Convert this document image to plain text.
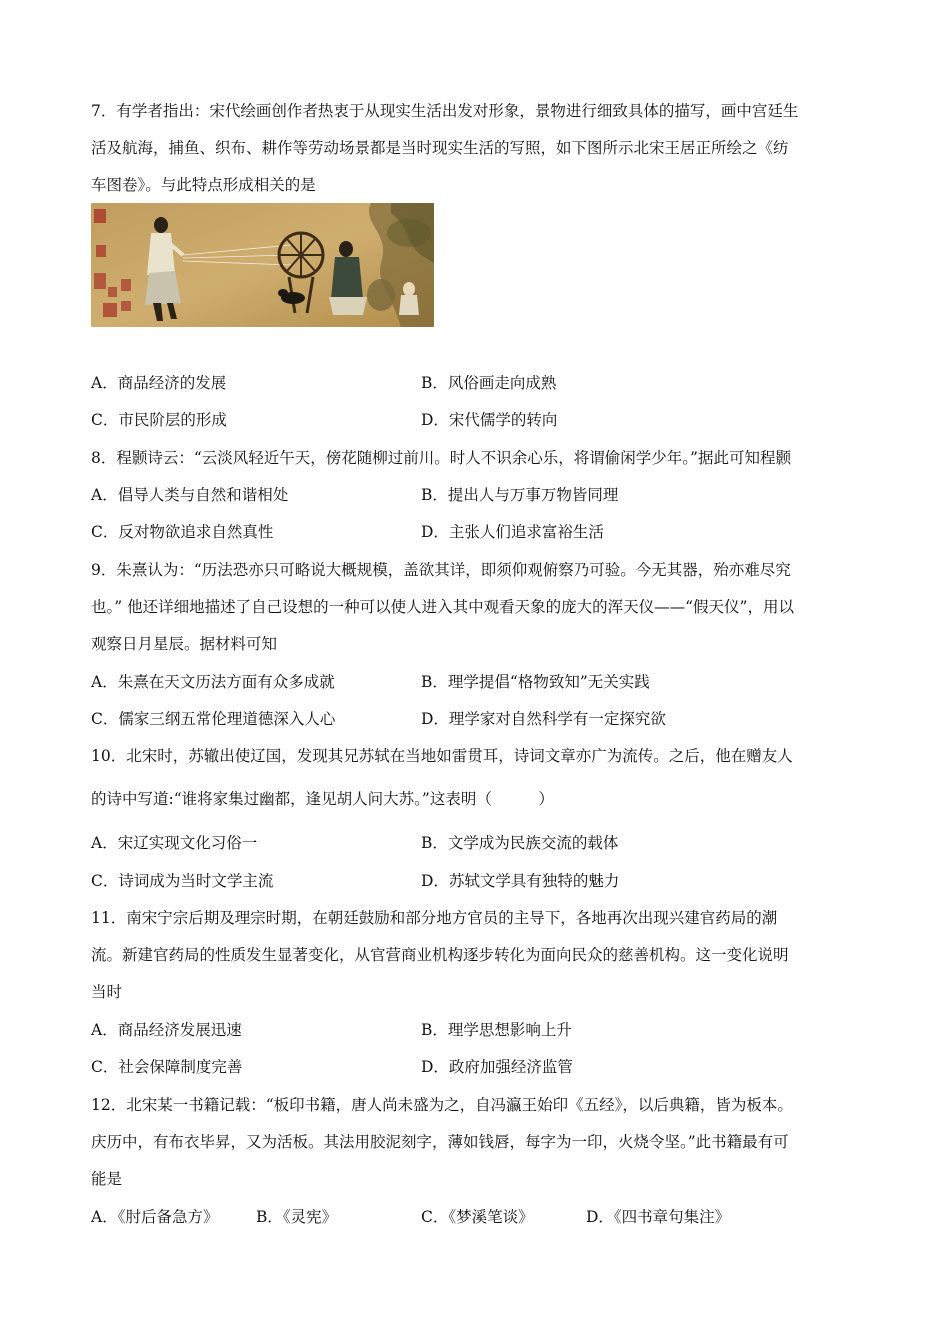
7．有学者指出：宋代绘画创作者热衷于从现实生活出发对形象，景物进行细致具体的描写，画中宫廷生
活及航海，捕鱼、织布、耕作等劳动场景都是当时现实生活的写照，如下图所示北宋王居正所绘之《纺
车图卷》。与此特点形成相关的是
A．商品经济的发展	B．风俗画走向成熟
C．市民阶层的形成	D．宋代儒学的转向
8．程颢诗云：“云淡风轻近午天，傍花随柳过前川。时人不识余心乐，将谓偷闲学少年。”据此可知程颢
A．倡导人类与自然和谐相处	B．提出人与万事万物皆同理
C．反对物欲追求自然真性	D．主张人们追求富裕生活
9．朱熹认为：“历法恐亦只可略说大概规模，盖欲其详，即须仰观俯察乃可验。今无其器，殆亦难尽究
也。” 他还详细地描述了自己设想的一种可以使人进入其中观看天象的庞大的浑天仪——“假天仪”，用以
观察日月星辰。据材料可知
A．朱熹在天文历法方面有众多成就	B．理学提倡“格物致知”无关实践
C．儒家三纲五常伦理道德深入人心	D．理学家对自然科学有一定探究欲
10．北宋时，苏辙出使辽国，发现其兄苏轼在当地如雷贯耳，诗词文章亦广为流传。之后，他在赠友人
的诗中写道:“谁将家集过幽都，逢见胡人问大苏。”这表明（　　　）
A．宋辽实现文化习俗一	B．文学成为民族交流的载体
C．诗词成为当时文学主流	D．苏轼文学具有独特的魅力
11．南宋宁宗后期及理宗时期，在朝廷鼓励和部分地方官员的主导下，各地再次出现兴建官药局的潮
流。新建官药局的性质发生显著变化，从官营商业机构逐步转化为面向民众的慈善机构。这一变化说明
当时
A．商品经济发展迅速	B．理学思想影响上升
C．社会保障制度完善	D．政府加强经济监管
12．北宋某一书籍记载：“板印书籍，唐人尚未盛为之，自冯瀛王始印《五经》，以后典籍，皆为板本。
庆历中，有布衣毕昇，又为活板。其法用胶泥刻字，薄如钱唇，每字为一印，火烧令坚。”此书籍最有可
能是
A．《肘后备急方》 B．《灵宪》	C．《梦溪笔谈》	D．《四书章句集注》
